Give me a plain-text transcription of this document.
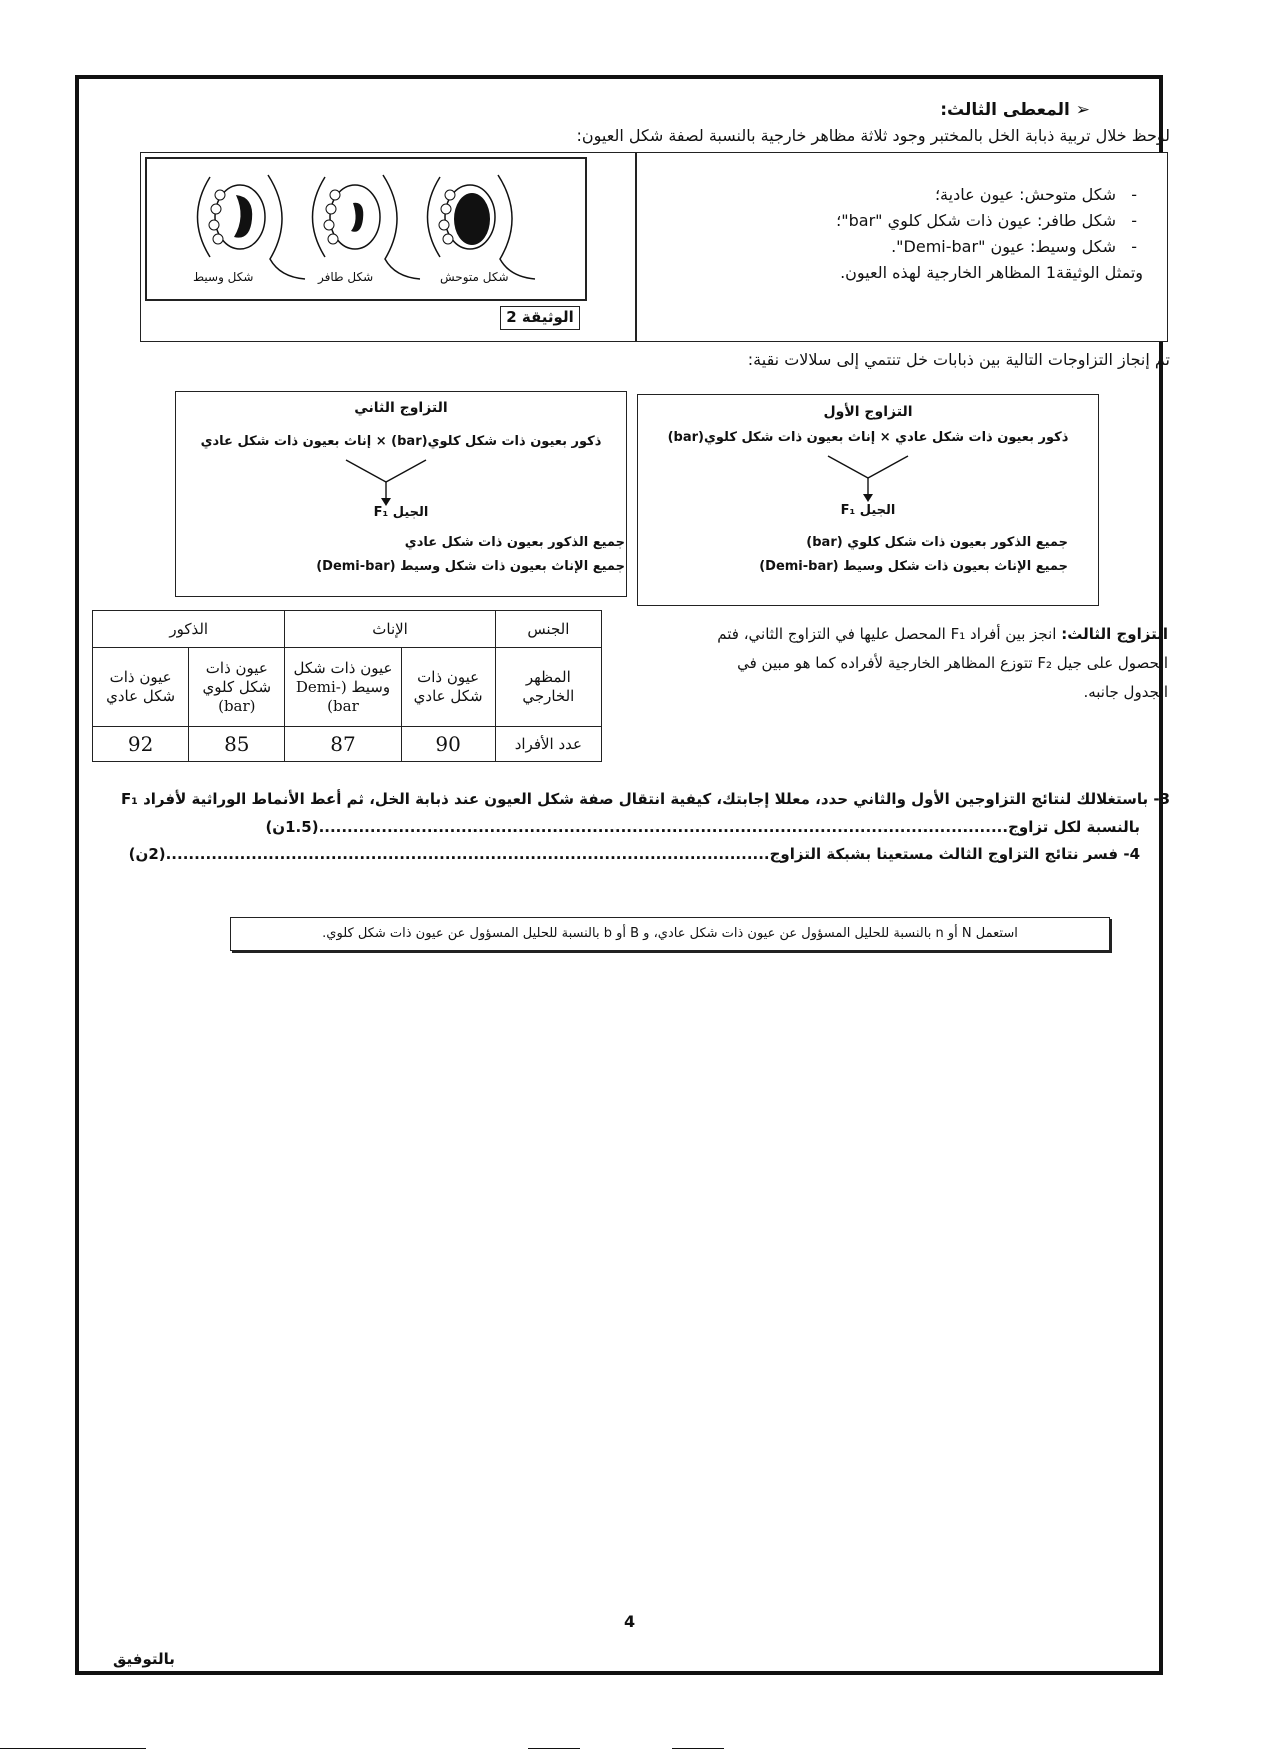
➢ المعطى الثالث:
لوحظ خلال تربية ذبابة الخل بالمختبر وجود ثلاثة مظاهر خارجية بالنسبة لصفة شكل العيون:
-   شكل متوحش: عيون عادية؛
-   شكل طافر: عيون ذات شكل كلوي "bar"؛
-   شكل وسيط: عيون "Demi-bar".
وتمثل الوثيقة1 المظاهر الخارجية لهذه العيون.
شكل متوحش
شكل طافر
شكل وسيط
الوثيقة 2
تم إنجاز التزاوجات التالية بين ذبابات خل تنتمي إلى سلالات نقية:
التزاوج الأول
ذكور بعيون ذات شكل عادي × إناث بعيون ذات شكل كلوي(bar)
الجيل F₁
جميع الذكور بعيون ذات شكل كلوي (bar)
جميع الإناث بعيون ذات شكل وسيط (Demi-bar)
التزاوج الثاني
ذكور بعيون ذات شكل كلوي(bar) × إناث بعيون ذات شكل عادي
الجيل F₁
جميع الذكور بعيون ذات شكل عادي
جميع الإناث بعيون ذات شكل وسيط (Demi-bar)
التزاوج الثالث: انجز بين أفراد F₁ المحصل عليها في التزاوج الثاني، فتم
الحصول على جيل F₂ تتوزع المظاهر الخارجية لأفراده كما هو مبين في
الجدول جانبه.
الجنس	الإناث		الذكور	
المظهر الخارجي	عيون ذات شكل عادي	عيون ذات شكل وسيط (Demi-bar)	عيون ذات شكل كلوي (bar)	عيون ذات شكل عادي
عدد الأفراد	90	87	85	92
3- باستغلالك لنتائج التزاوجين الأول والثاني حدد، معللا إجابتك، كيفية انتقال صفة شكل العيون عند ذبابة الخل، ثم أعط الأنماط الوراثية لأفراد F₁
بالنسبة لكل تزاوج.........................................................................................................................(1.5ن)
4- فسر نتائج التزاوج الثالث مستعينا بشبكة التزاوج..........................................................................................................(2ن)
استعمل N أو n بالنسبة للحليل المسؤول عن عيون ذات شكل عادي، و B أو b بالنسبة للحليل المسؤول عن عيون ذات شكل كلوي.
4
بالتوفيق
